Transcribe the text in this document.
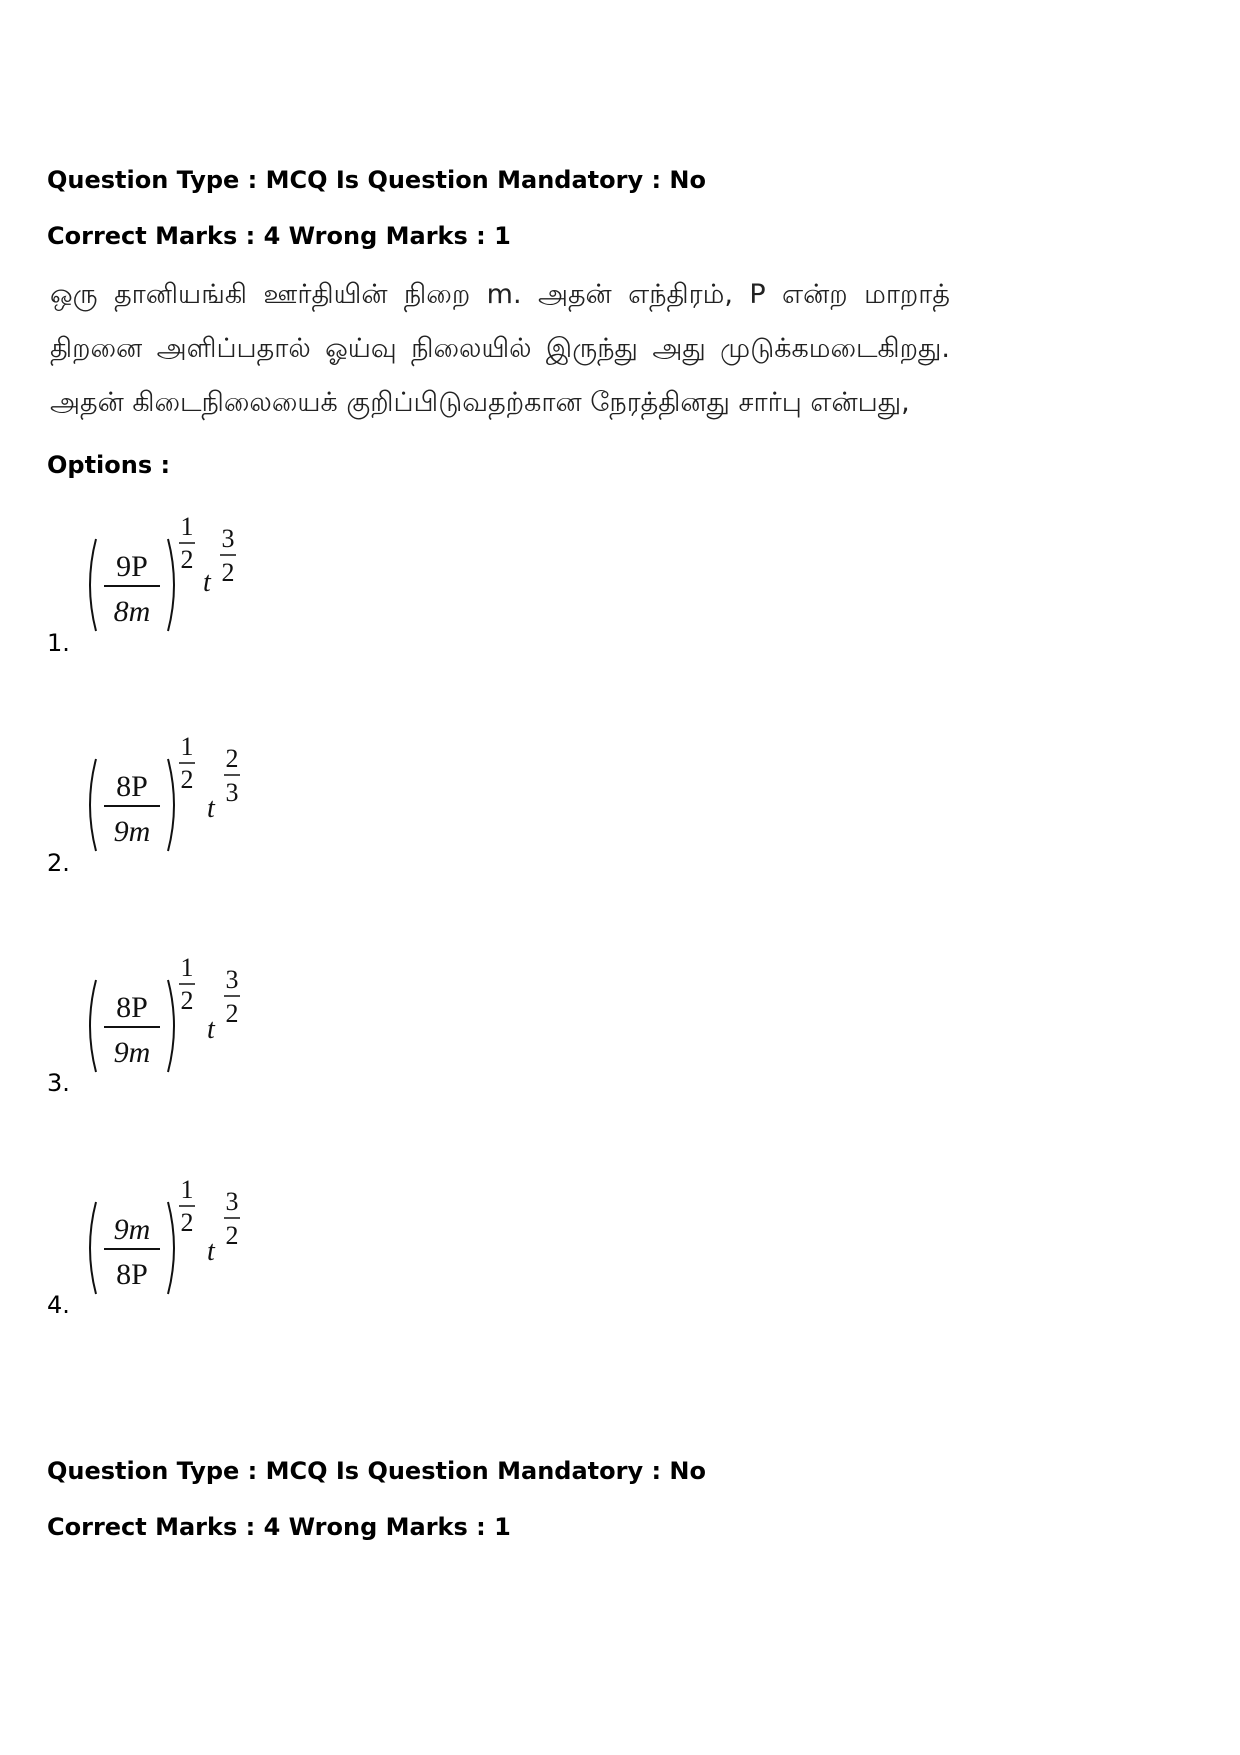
Question Type : MCQ Is Question Mandatory : No
Correct Marks : 4 Wrong Marks : 1
ஒரு தானியங்கி ஊர்தியின் நிறை m. அதன் எந்திரம், P என்ற மாறாத் திறனை அளிப்பதால் ஓய்வு நிலையில் இருந்து அது முடுக்கமடைகிறது. அதன் கிடைநிலையைக் குறிப்பிடுவதற்கான நேரத்தினது சார்பு என்பது,
Options :
1.
9P
8m
1
2
t
3
2
2.
8P
9m
1
2
t
2
3
3.
8P
9m
1
2
t
3
2
4.
9m
8P
1
2
t
3
2
Question Type : MCQ Is Question Mandatory : No
Correct Marks : 4 Wrong Marks : 1
